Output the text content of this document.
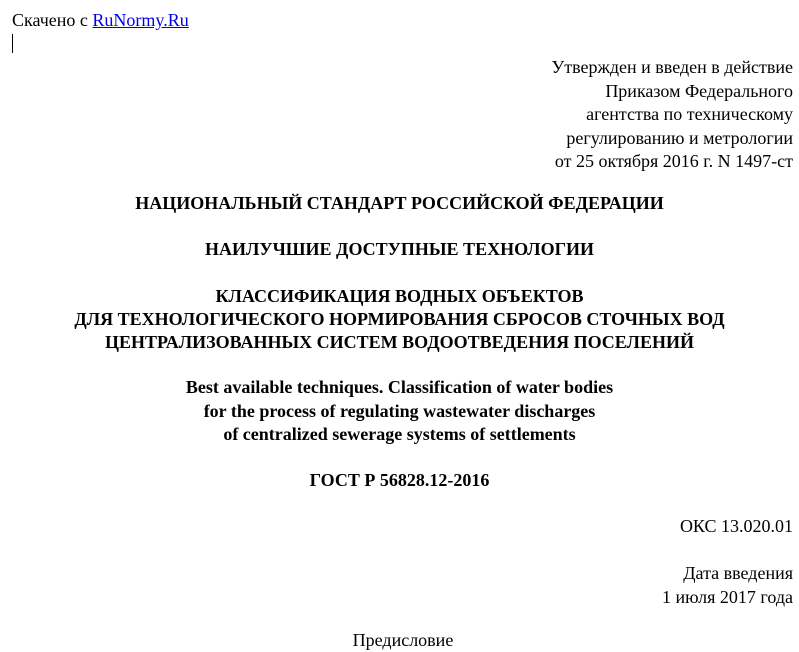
Скачено с RuNormy.Ru
Утвержден и введен в действие
Приказом Федерального
агентства по техническому
регулированию и метрологии
от 25 октября 2016 г. N 1497-ст
НАЦИОНАЛЬНЫЙ СТАНДАРТ РОССИЙСКОЙ ФЕДЕРАЦИИ
НАИЛУЧШИЕ ДОСТУПНЫЕ ТЕХНОЛОГИИ
КЛАССИФИКАЦИЯ ВОДНЫХ ОБЪЕКТОВ
ДЛЯ ТЕХНОЛОГИЧЕСКОГО НОРМИРОВАНИЯ СБРОСОВ СТОЧНЫХ ВОД
ЦЕНТРАЛИЗОВАННЫХ СИСТЕМ ВОДООТВЕДЕНИЯ ПОСЕЛЕНИЙ
Best available techniques. Classification of water bodies
for the process of regulating wastewater discharges
of centralized sewerage systems of settlements
ГОСТ Р 56828.12-2016
ОКС 13.020.01
Дата введения
1 июля 2017 года
Предисловие
